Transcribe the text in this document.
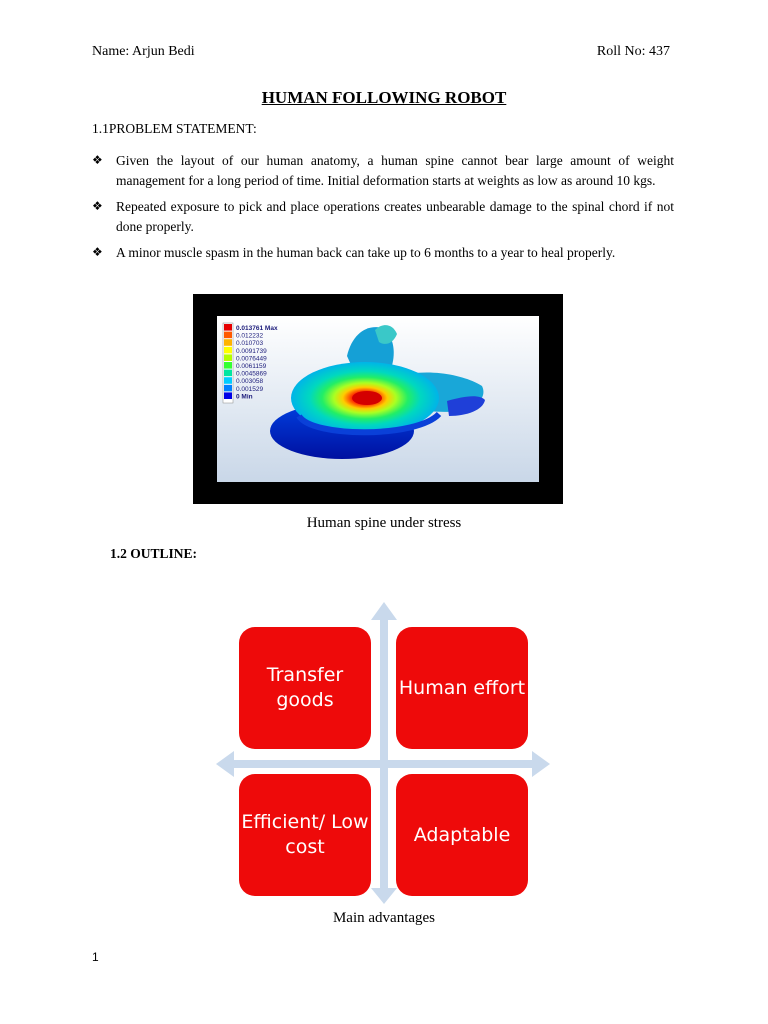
Name: Arjun Bedi	Roll No: 437
HUMAN FOLLOWING ROBOT
1.1PROBLEM STATEMENT:
❖ Given the layout of our human anatomy, a human spine cannot bear large amount of weight management for a long period of time. Initial deformation starts at weights as low as around 10 kgs.
❖ Repeated exposure to pick and place operations creates unbearable damage to the spinal chord if not done properly.
❖ A minor muscle spasm in the human back can take up to 6 months to a year to heal properly.
0.013761 Max
0.012232
0.010703
0.0091739
0.0076449
0.0061159
0.0045869
0.003058
0.001529
0 Min
Human spine under stress
1.2 OUTLINE:
Transfer goods
Human effort
Efficient/ Low cost
Adaptable
Main advantages
1
